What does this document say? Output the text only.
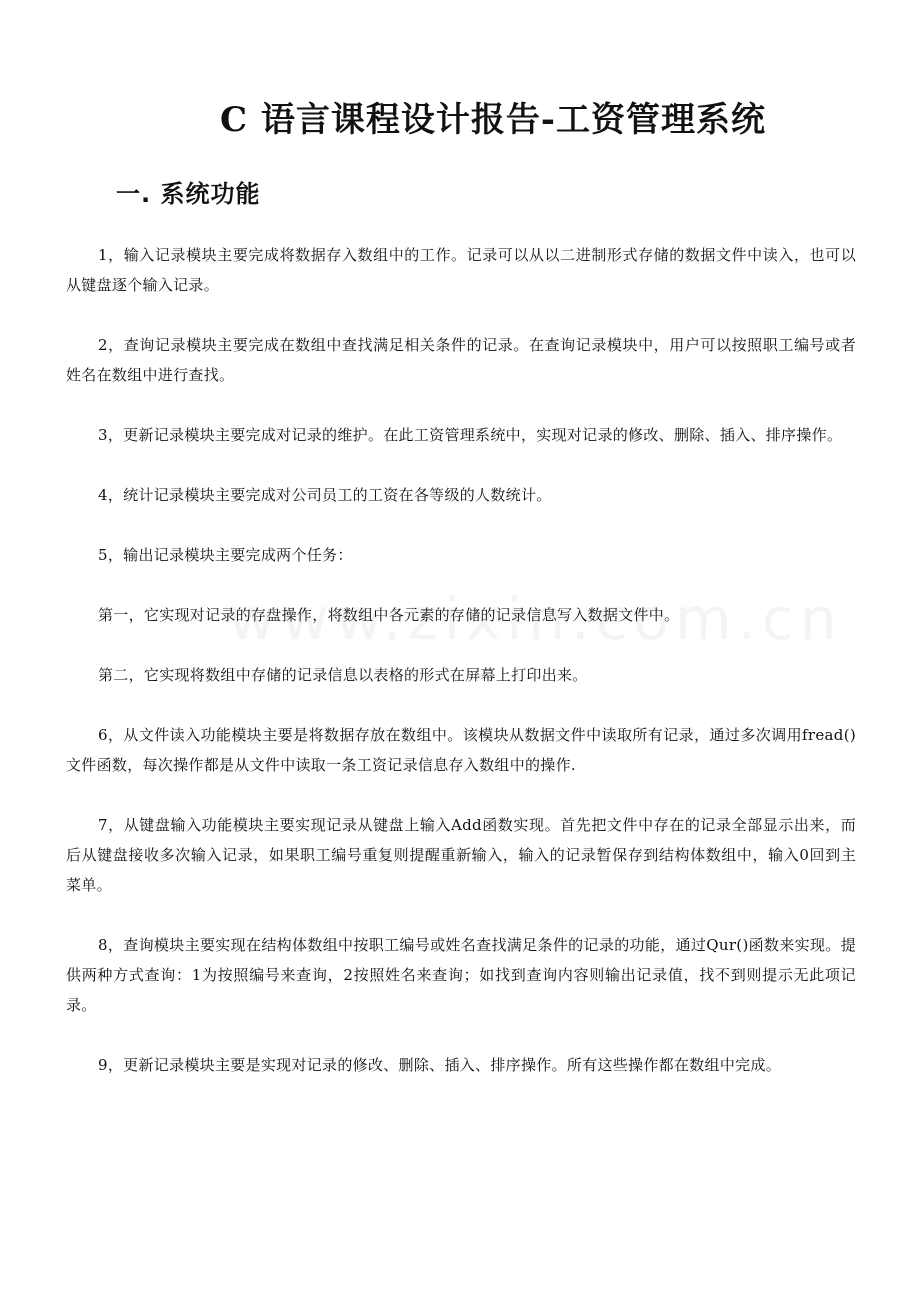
C 语言课程设计报告-工资管理系统
一. 系统功能

1，输入记录模块主要完成将数据存入数组中的工作。记录可以从以二进制形式存储的数据文件中读入，也可以从键盘逐个输入记录。

2，查询记录模块主要完成在数组中查找满足相关条件的记录。在查询记录模块中，用户可以按照职工编号或者姓名在数组中进行查找。

3，更新记录模块主要完成对记录的维护。在此工资管理系统中，实现对记录的修改、删除、插入、排序操作。

4，统计记录模块主要完成对公司员工的工资在各等级的人数统计。

5，输出记录模块主要完成两个任务：

第一，它实现对记录的存盘操作，将数组中各元素的存储的记录信息写入数据文件中。

第二，它实现将数组中存储的记录信息以表格的形式在屏幕上打印出来。

6，从文件读入功能模块主要是将数据存放在数组中。该模块从数据文件中读取所有记录，通过多次调用fread()文件函数，每次操作都是从文件中读取一条工资记录信息存入数组中的操作.

7，从键盘输入功能模块主要实现记录从键盘上输入Add函数实现。首先把文件中存在的记录全部显示出来，而后从键盘接收多次输入记录，如果职工编号重复则提醒重新输入，输入的记录暂保存到结构体数组中，输入0回到主菜单。

8，查询模块主要实现在结构体数组中按职工编号或姓名查找满足条件的记录的功能，通过Qur()函数来实现。提供两种方式查询：1为按照编号来查询，2按照姓名来查询；如找到查询内容则输出记录值，找不到则提示无此项记录。

9，更新记录模块主要是实现对记录的修改、删除、插入、排序操作。所有这些操作都在数组中完成。
